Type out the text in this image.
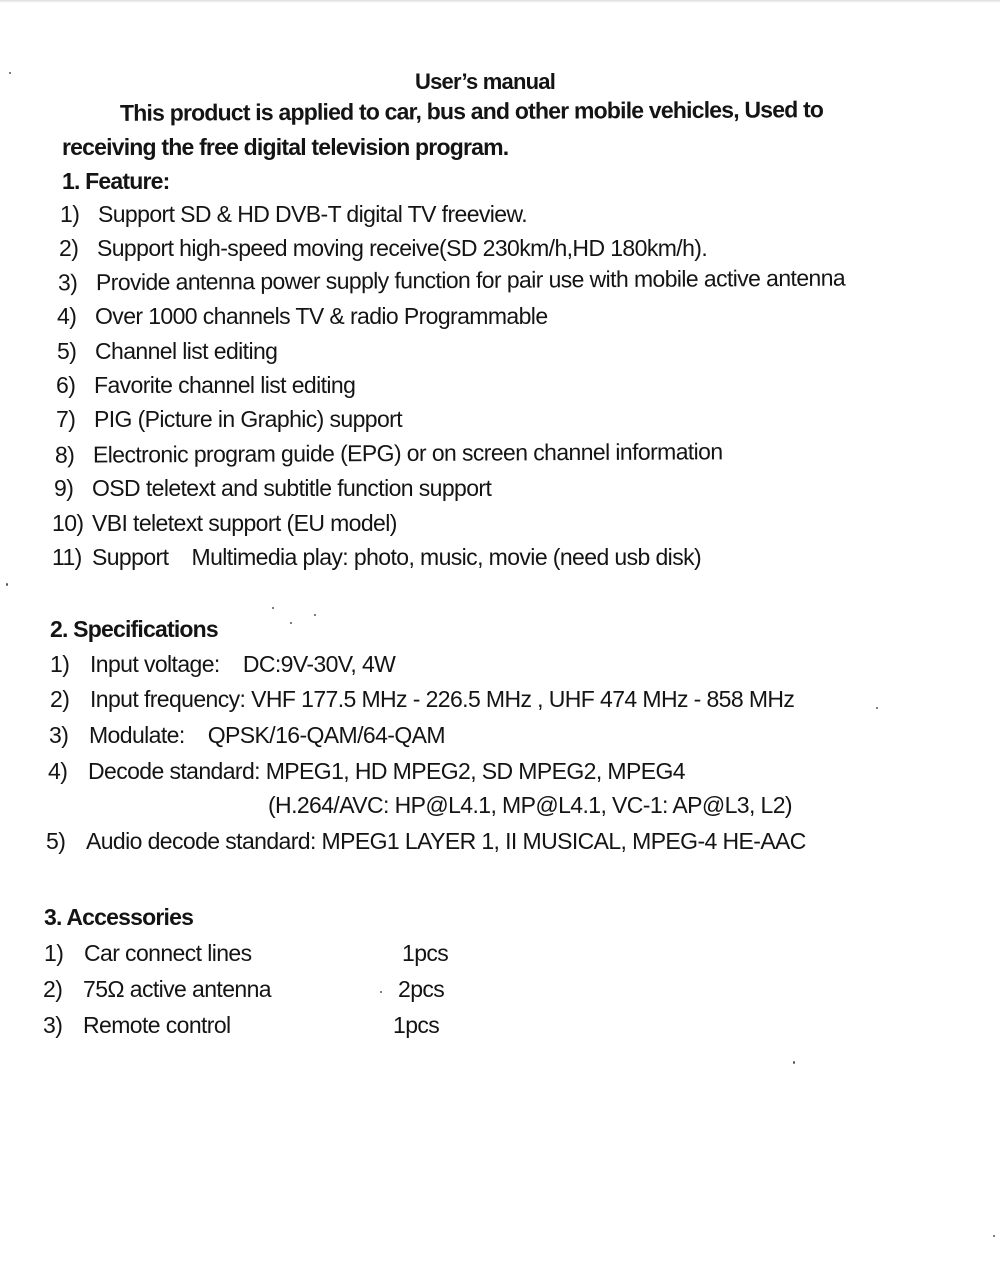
User’s manual
This product is applied to car, bus and other mobile vehicles, Used to
receiving the free digital television program.
1. Feature:
1) Support SD & HD DVB-T digital TV freeview.
2) Support high-speed moving receive(SD 230km/h,HD 180km/h).
3) Provide antenna power supply function for pair use with mobile active antenna
4) Over 1000 channels TV & radio Programmable
5) Channel list editing
6) Favorite channel list editing
7) PIG (Picture in Graphic) support
8) Electronic program guide (EPG) or on screen channel information
9) OSD teletext and subtitle function support
10) VBI teletext support (EU model)
11) Support    Multimedia play: photo, music, movie (need usb disk)
2. Specifications
1) Input voltage:    DC:9V-30V, 4W
2) Input frequency: VHF 177.5 MHz - 226.5 MHz , UHF 474 MHz - 858 MHz
3) Modulate:    QPSK/16-QAM/64-QAM
4) Decode standard: MPEG1, HD MPEG2, SD MPEG2, MPEG4
(H.264/AVC: HP@L4.1, MP@L4.1, VC-1: AP@L3, L2)
5) Audio decode standard: MPEG1 LAYER 1, II MUSICAL, MPEG-4 HE-AAC
3. Accessories
1) Car connect lines	1pcs
2) 75Ω active antenna	2pcs
3) Remote control	1pcs
